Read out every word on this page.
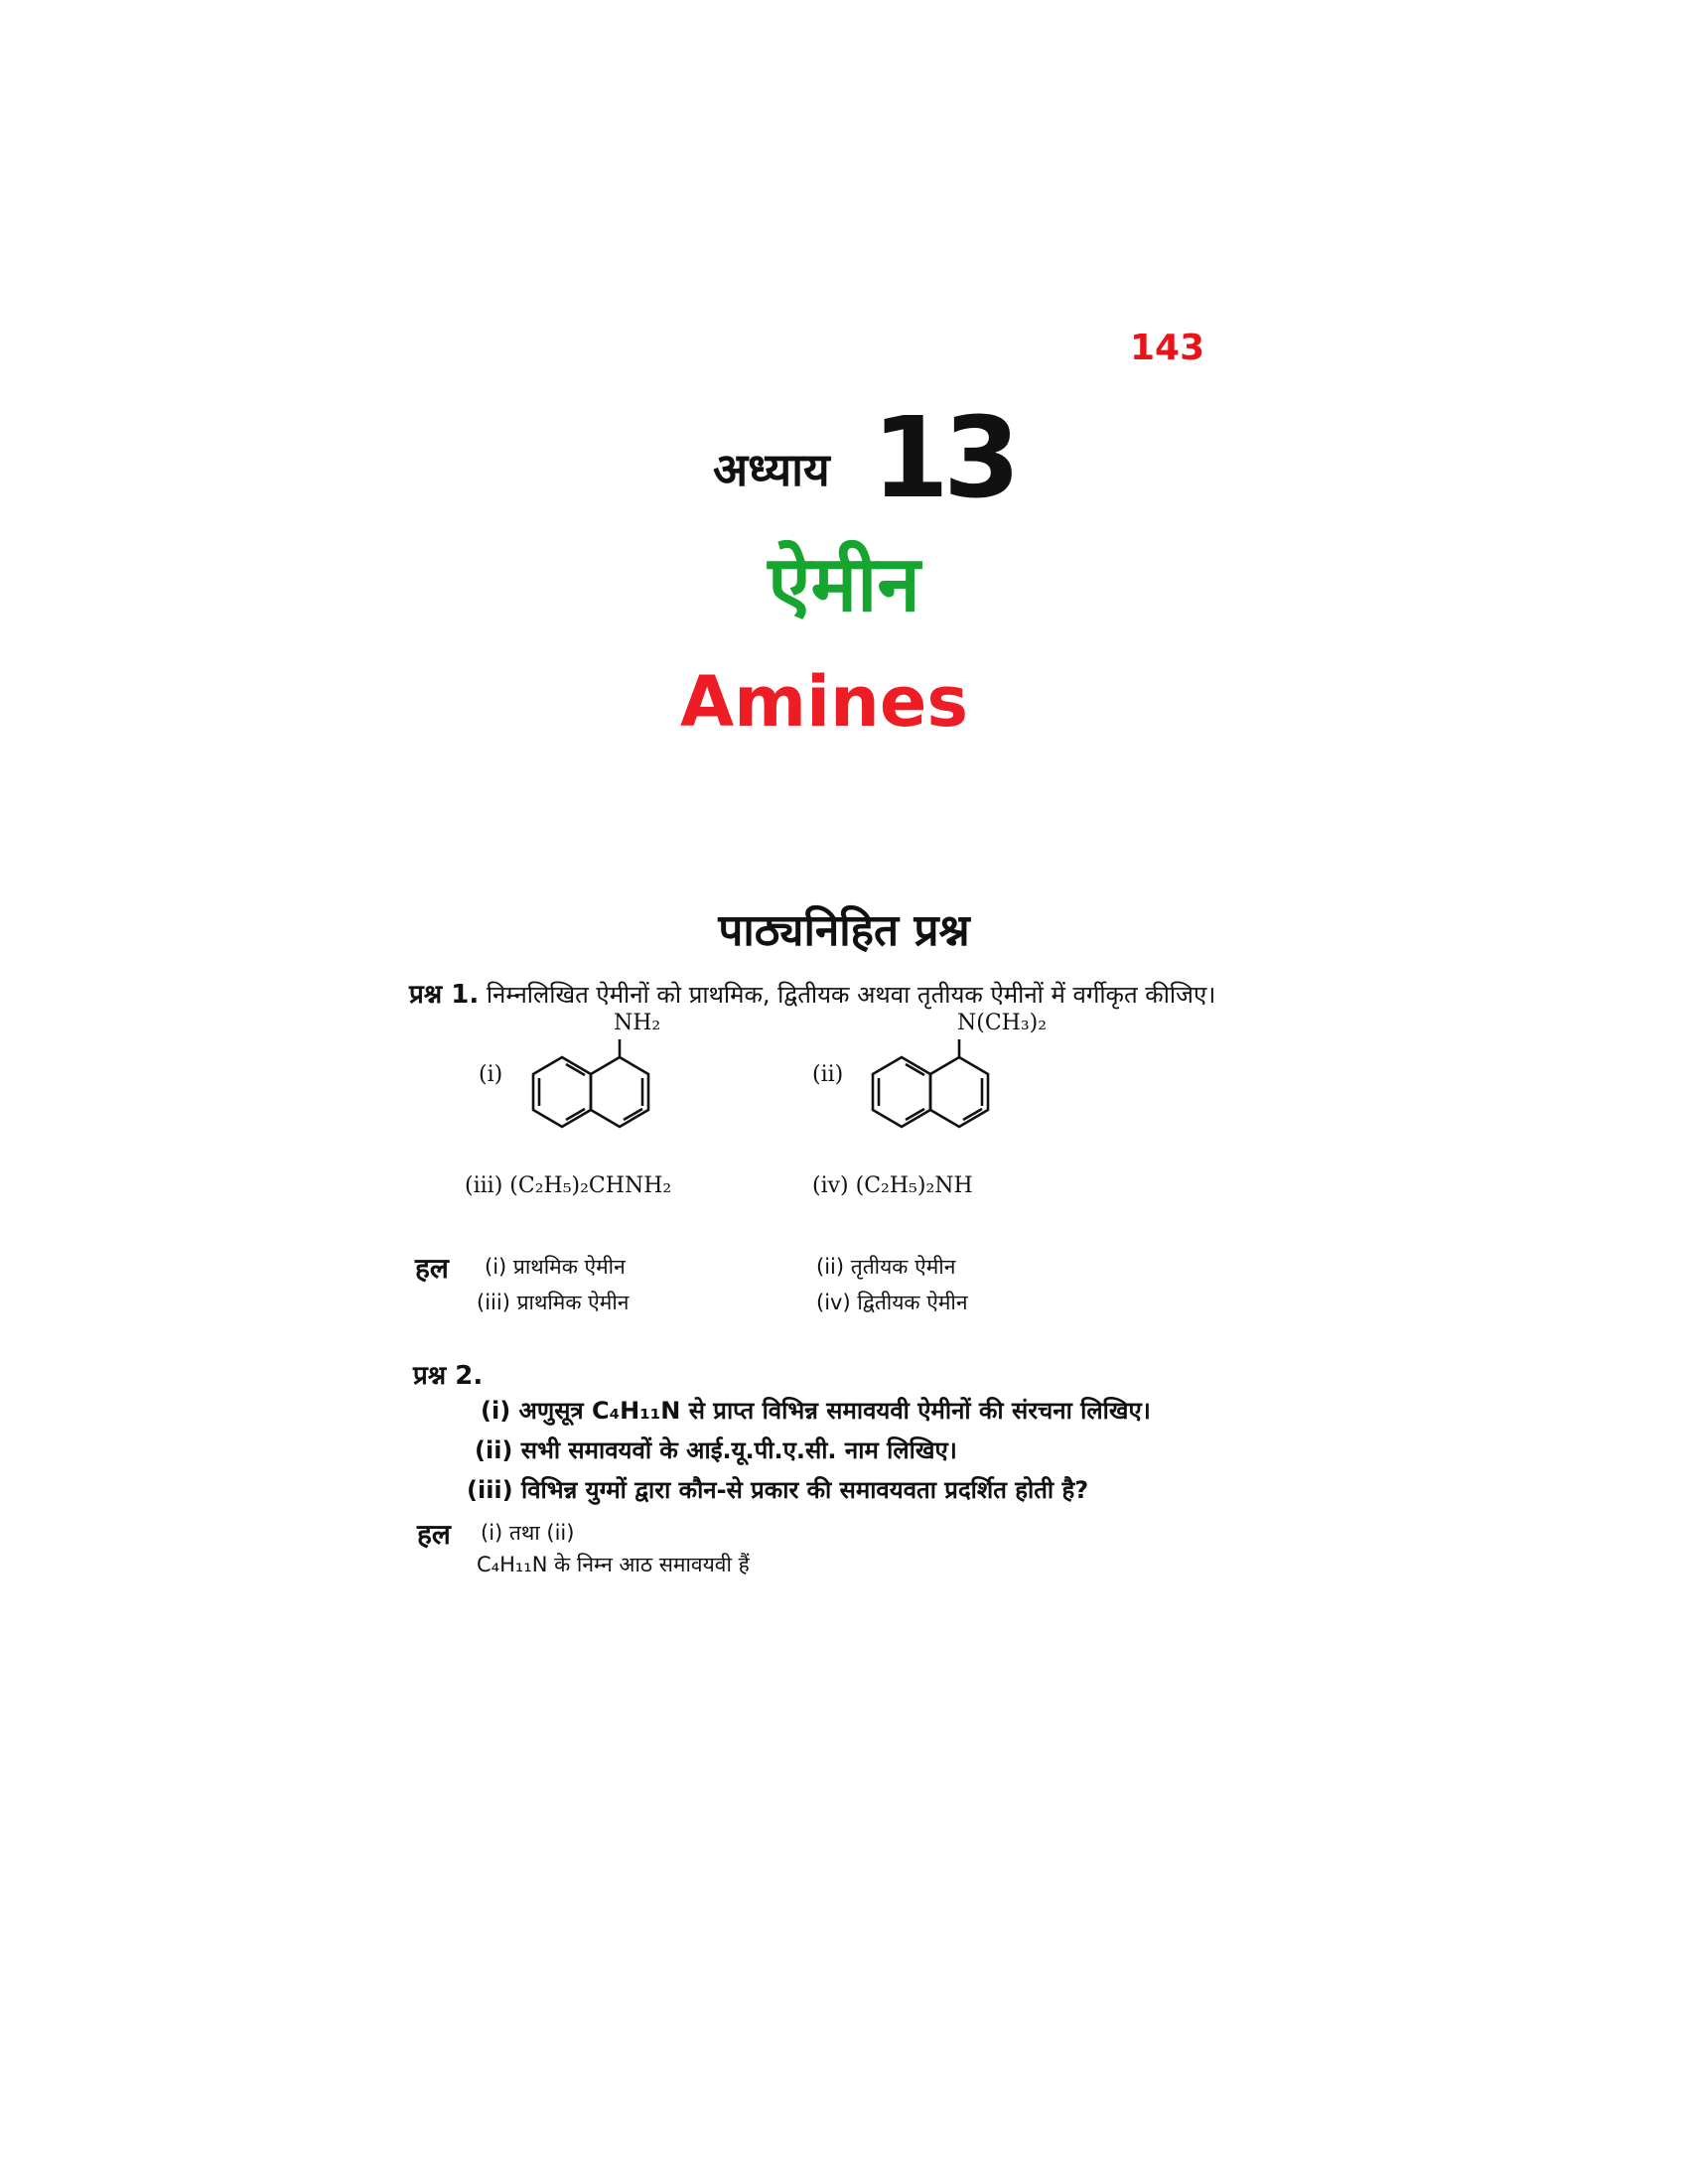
143
अध्याय 13
ऐमीन
Amines
पाठ्यनिहित प्रश्न
प्रश्न 1. निम्नलिखित ऐमीनों को प्राथमिक, द्वितीयक अथवा तृतीयक ऐमीनों में वर्गीकृत कीजिए।
(i)
NH₂
(ii)
N(CH₃)₂
(iii) (C₂H₅)₂CHNH₂	(iv) (C₂H₅)₂NH
हल (i) प्राथमिक ऐमीन	(ii) तृतीयक ऐमीन
(iii) प्राथमिक ऐमीन	(iv) द्वितीयक ऐमीन
प्रश्न 2.
(i) अणुसूत्र C₄H₁₁N से प्राप्त विभिन्न समावयवी ऐमीनों की संरचना लिखिए।
(ii) सभी समावयवों के आई.यू.पी.ए.सी. नाम लिखिए।
(iii) विभिन्न युग्मों द्वारा कौन-से प्रकार की समावयवता प्रदर्शित होती है?
हल (i) तथा (ii)
C₄H₁₁N के निम्न आठ समावयवी हैं
